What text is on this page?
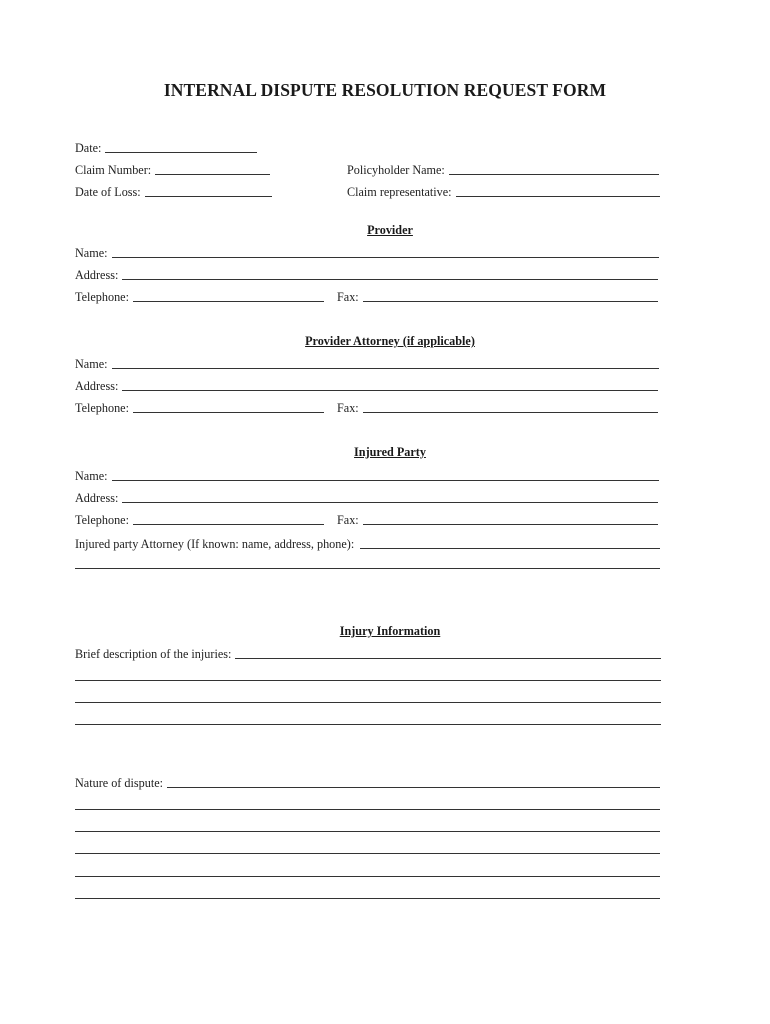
INTERNAL DISPUTE RESOLUTION REQUEST FORM
Date:
Claim Number:	Policyholder Name:
Date of Loss:	Claim representative:
Provider
Name:
Address:
Telephone:	Fax:
Provider Attorney (if applicable)
Name:
Address:
Telephone:	Fax:
Injured Party
Name:
Address:
Telephone:	Fax:
Injured party Attorney (If known: name, address, phone):
Injury Information
Brief description of the injuries:
Nature of dispute:
